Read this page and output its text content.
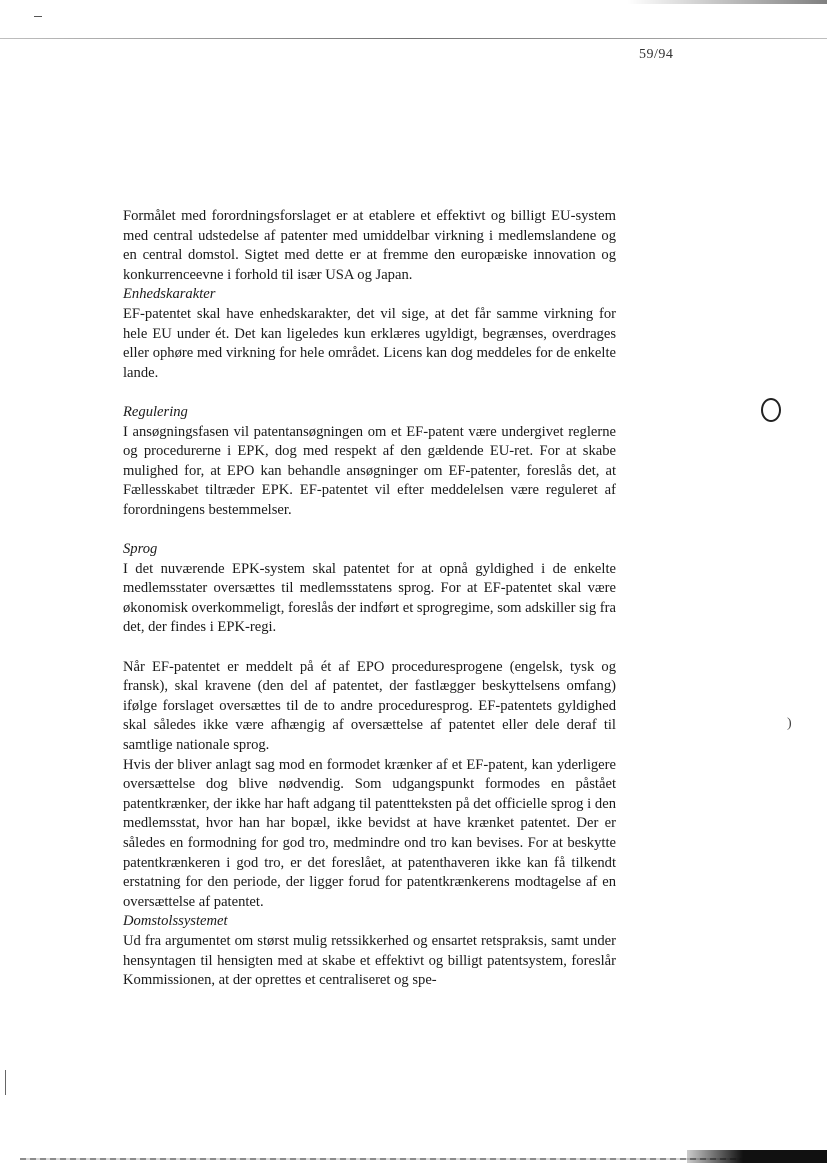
59/94
)

Formålet med forordningsforslaget er at etablere et effektivt og billigt EU-system med central udstedelse af patenter med umiddelbar virkning i medlemslandene og en central domstol. Sigtet med dette er at fremme den europæiske innovation og konkurrenceevne i forhold til især USA og Japan.

Enhedskarakter

EF-patentet skal have enhedskarakter, det vil sige, at det får samme virkning for hele EU under ét. Det kan ligeledes kun erklæres ugyldigt, begrænses, overdrages eller ophøre med virkning for hele området. Licens kan dog meddeles for de enkelte lande.

Regulering

I ansøgningsfasen vil patentansøgningen om et EF-patent være undergivet reglerne og procedurerne i EPK, dog med respekt af den gældende EU-ret. For at skabe mulighed for, at EPO kan behandle ansøgninger om EF-patenter, foreslås det, at Fællesskabet tiltræder EPK. EF-patentet vil efter meddelelsen være reguleret af forordningens bestemmelser.

Sprog

I det nuværende EPK-system skal patentet for at opnå gyldighed i de enkelte medlemsstater oversættes til medlemsstatens sprog. For at EF-patentet skal være økonomisk overkommeligt, foreslås der indført et sprogregime, som adskiller sig fra det, der findes i EPK-regi.

Når EF-patentet er meddelt på ét af EPO proceduresprogene (engelsk, tysk og fransk), skal kravene (den del af patentet, der fastlægger beskyttelsens omfang) ifølge forslaget oversættes til de to andre proceduresprog. EF-patentets gyldighed skal således ikke være afhængig af oversættelse af patentet eller dele deraf til samtlige nationale sprog.

Hvis der bliver anlagt sag mod en formodet krænker af et EF-patent, kan yderligere oversættelse dog blive nødvendig. Som udgangspunkt formodes en påstået patentkrænker, der ikke har haft adgang til patentteksten på det officielle sprog i den medlemsstat, hvor han har bopæl, ikke bevidst at have krænket patentet. Der er således en formodning for god tro, medmindre ond tro kan bevises. For at beskytte patentkrænkeren i god tro, er det foreslået, at patenthaveren ikke kan få tilkendt erstatning for den periode, der ligger forud for patentkrænkerens modtagelse af en oversættelse af patentet.

Domstolssystemet

Ud fra argumentet om størst mulig retssikkerhed og ensartet retspraksis, samt under hensyntagen til hensigten med at skabe et effektivt og billigt patentsystem, foreslår Kommissionen, at der oprettes et centraliseret og spe-
